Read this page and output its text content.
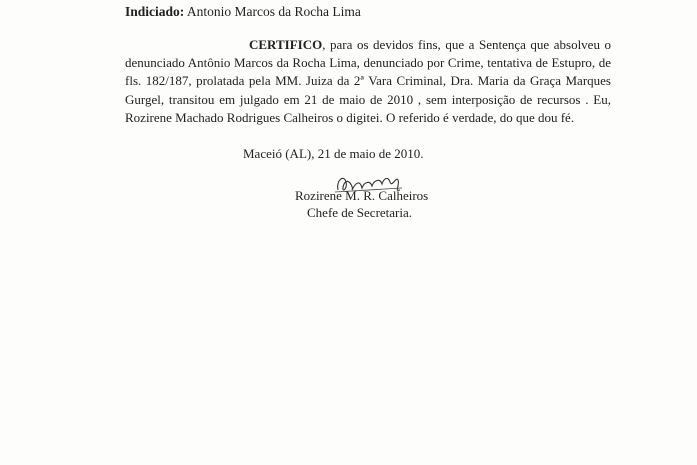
Indiciado: Antonio Marcos da Rocha Lima

CERTIFICO, para os devidos fins, que a Sentença que absolveu o denunciado Antônio Marcos da Rocha Lima, denunciado por Crime, tentativa de Estupro, de fls. 182/187, prolatada pela MM. Juiza da 2ª Vara Criminal, Dra. Maria da Graça Marques Gurgel, transitou em julgado em 21 de maio de 2010 , sem interposição de recursos . Eu, Rozirene Machado Rodrigues Calheiros o digitei. O referido é verdade, do que dou fé.

Maceió (AL), 21 de maio de 2010.
Rozirene M. R. Calheiros
Chefe de Secretaria.
